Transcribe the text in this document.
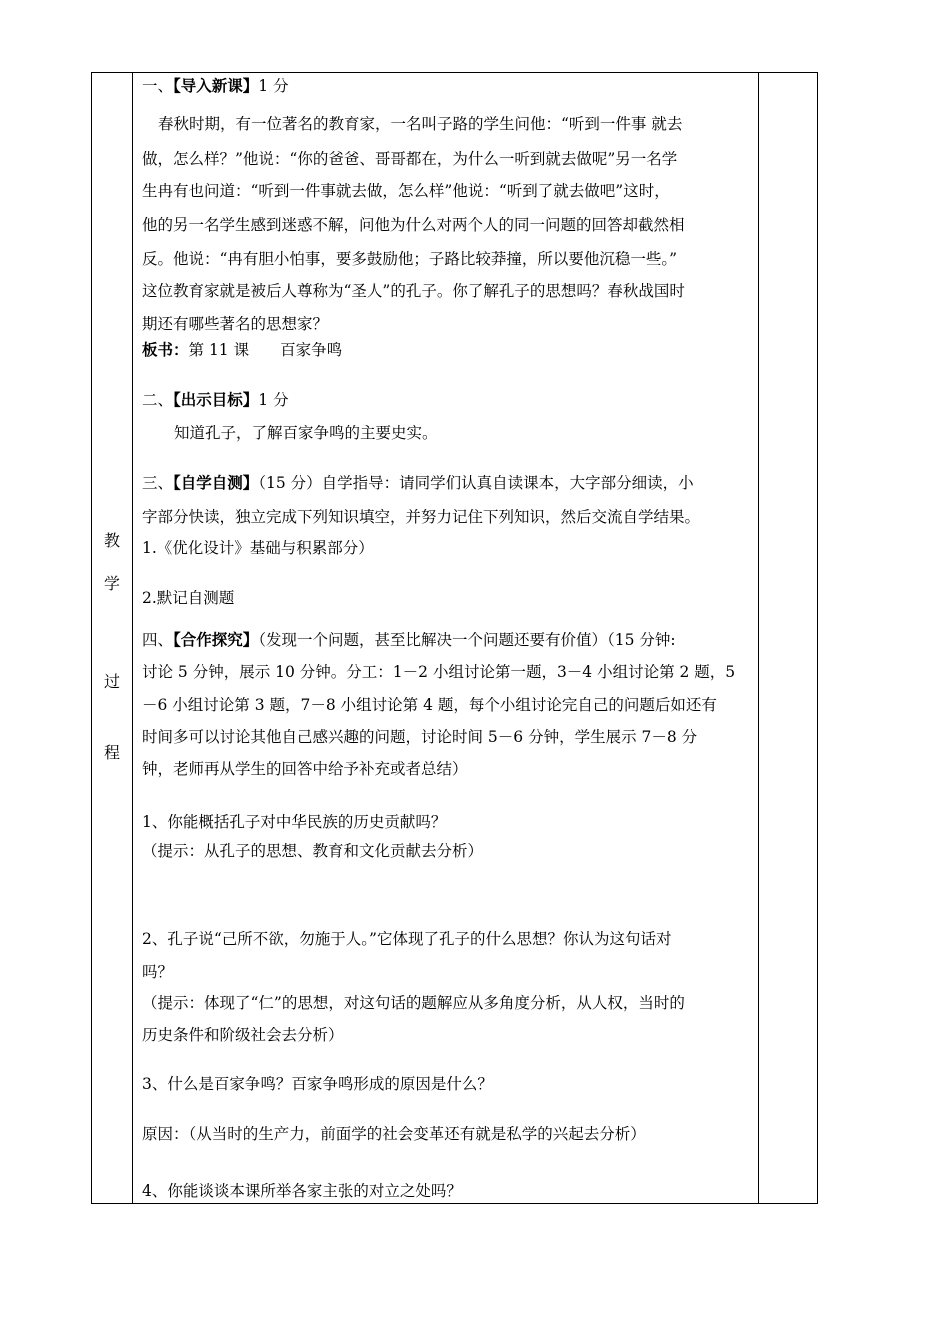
教
学
过
程
一、【导入新课】1 分
春秋时期，有一位著名的教育家，一名叫子路的学生问他：“听到一件事 就去
做，怎么样？”他说：“你的爸爸、哥哥都在，为什么一听到就去做呢”另一名学
生冉有也问道：“听到一件事就去做，怎么样”他说：“听到了就去做吧”这时，
他的另一名学生感到迷惑不解，问他为什么对两个人的同一问题的回答却截然相
反。他说：“冉有胆小怕事，要多鼓励他；子路比较莽撞，所以要他沉稳一些。”
这位教育家就是被后人尊称为“圣人”的孔子。你了解孔子的思想吗？春秋战国时
期还有哪些著名的思想家？
板书：第 11 课　　百家争鸣
二、【出示目标】1 分
知道孔子，了解百家争鸣的主要史实。
三、【自学自测】（15 分）自学指导：请同学们认真自读课本，大字部分细读，小
字部分快读，独立完成下列知识填空，并努力记住下列知识，然后交流自学结果。
1.《优化设计》基础与积累部分）
2.默记自测题
四、【合作探究】（发现一个问题，甚至比解决一个问题还要有价值）（15 分钟:
讨论 5 分钟，展示 10 分钟。分工：1－2 小组讨论第一题，3－4 小组讨论第 2 题，5
－6 小组讨论第 3 题，7－8 小组讨论第 4 题，每个小组讨论完自己的问题后如还有
时间多可以讨论其他自己感兴趣的问题，讨论时间 5－6 分钟，学生展示 7－8 分
钟，老师再从学生的回答中给予补充或者总结）
1、你能概括孔子对中华民族的历史贡献吗？
（提示：从孔子的思想、教育和文化贡献去分析）
2、孔子说“己所不欲，勿施于人。”它体现了孔子的什么思想？你认为这句话对
吗？
（提示：体现了“仁”的思想，对这句话的题解应从多角度分析，从人权，当时的
历史条件和阶级社会去分析）
3、什么是百家争鸣？百家争鸣形成的原因是什么？
原因：（从当时的生产力，前面学的社会变革还有就是私学的兴起去分析）
4、你能谈谈本课所举各家主张的对立之处吗？
